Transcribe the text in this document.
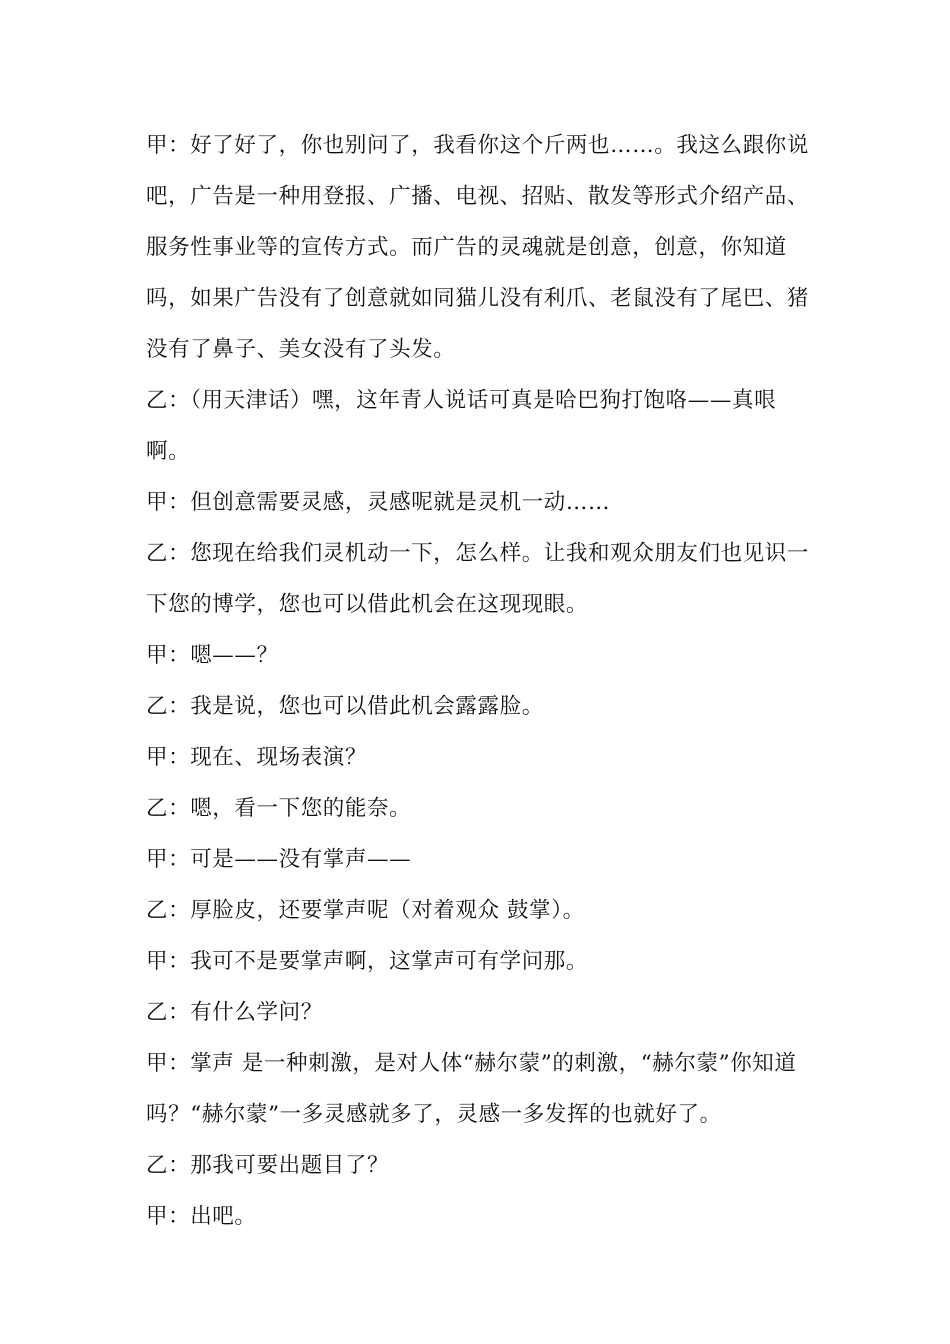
甲：好了好了，你也别问了，我看你这个斤两也……。我这么跟你说吧，广告是一种用登报、广播、电视、招贴、散发等形式介绍产品、服务性事业等的宣传方式。而广告的灵魂就是创意，创意，你知道吗，如果广告没有了创意就如同猫儿没有利爪、老鼠没有了尾巴、猪没有了鼻子、美女没有了头发。

乙：（用天津话）嘿，这年青人说话可真是哈巴狗打饱咯——真哏啊。

甲：但创意需要灵感，灵感呢就是灵机一动……

乙：您现在给我们灵机动一下，怎么样。让我和观众朋友们也见识一下您的博学，您也可以借此机会在这现现眼。

甲：嗯——？

乙：我是说，您也可以借此机会露露脸。

甲：现在、现场表演？

乙：嗯，看一下您的能奈。

甲：可是——没有掌声——

乙：厚脸皮，还要掌声呢（对着观众 鼓掌）。

甲：我可不是要掌声啊，这掌声可有学问那。

乙：有什么学问？

甲：掌声 是一种刺激，是对人体“赫尔蒙”的刺激，“赫尔蒙”你知道吗？“赫尔蒙”一多灵感就多了，灵感一多发挥的也就好了。

乙：那我可要出题目了？

甲：出吧。
